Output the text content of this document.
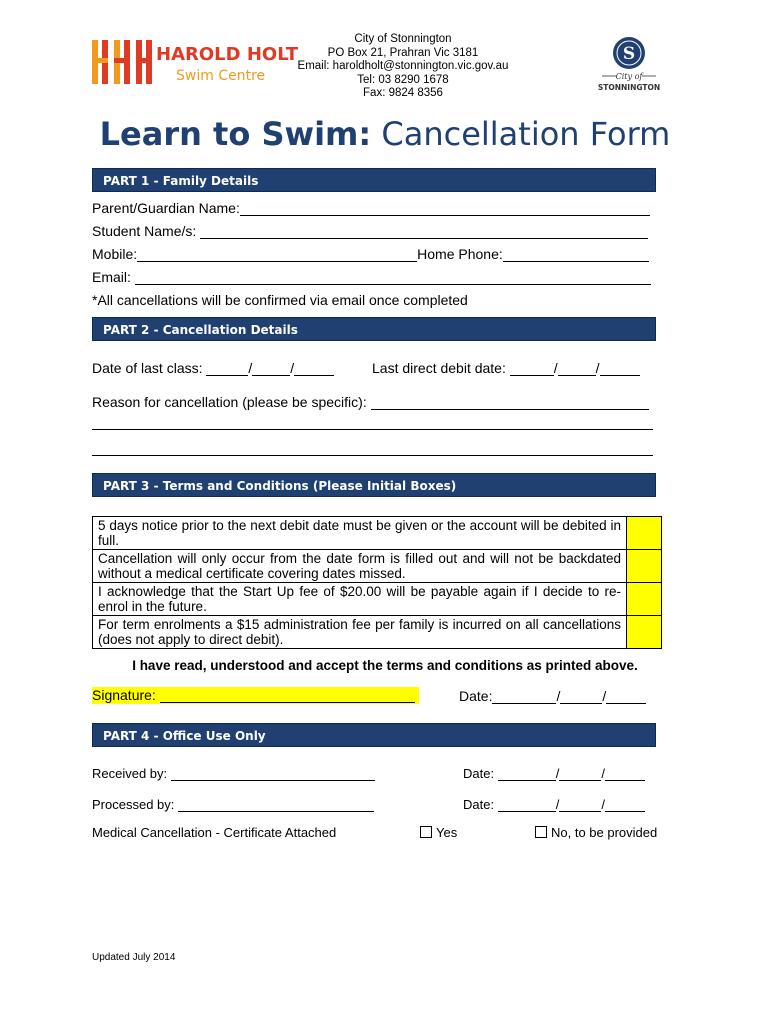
HAROLD HOLT
Swim Centre
City of Stonnington
PO Box 21, Prahran Vic 3181
Email: haroldholt@stonnington.vic.gov.au
Tel: 03 8290 1678
Fax: 9824 8356
S
City of
STONNINGTON
Learn to Swim: Cancellation Form
PART 1 - Family Details
Parent/Guardian Name:
Student Name/s:
Mobile:	Home Phone:
Email:
*All cancellations will be confirmed via email once completed
PART 2 - Cancellation Details
Date of last class:	/	/	Last direct debit date:	/	/
Reason for cancellation (please be specific):
PART 3 - Terms and Conditions (Please Initial Boxes)
5 days notice prior to the next debit date must be given or the account will be debited in full.	
Cancellation will only occur from the date form is filled out and will not be backdated without a medical certificate covering dates missed.	
I acknowledge that the Start Up fee of $20.00 will be payable again if I decide to re-enrol in the future.	
For term enrolments a $15 administration fee per family is incurred on all cancellations (does not apply to direct debit).	
I have read, understood and accept the terms and conditions as printed above.
Signature:	Date:	/	/
PART 4 - Office Use Only
Received by:	Date:	/	/
Processed by:	Date:	/	/
Medical Cancellation - Certificate Attached	Yes	No, to be provided
Updated July 2014
